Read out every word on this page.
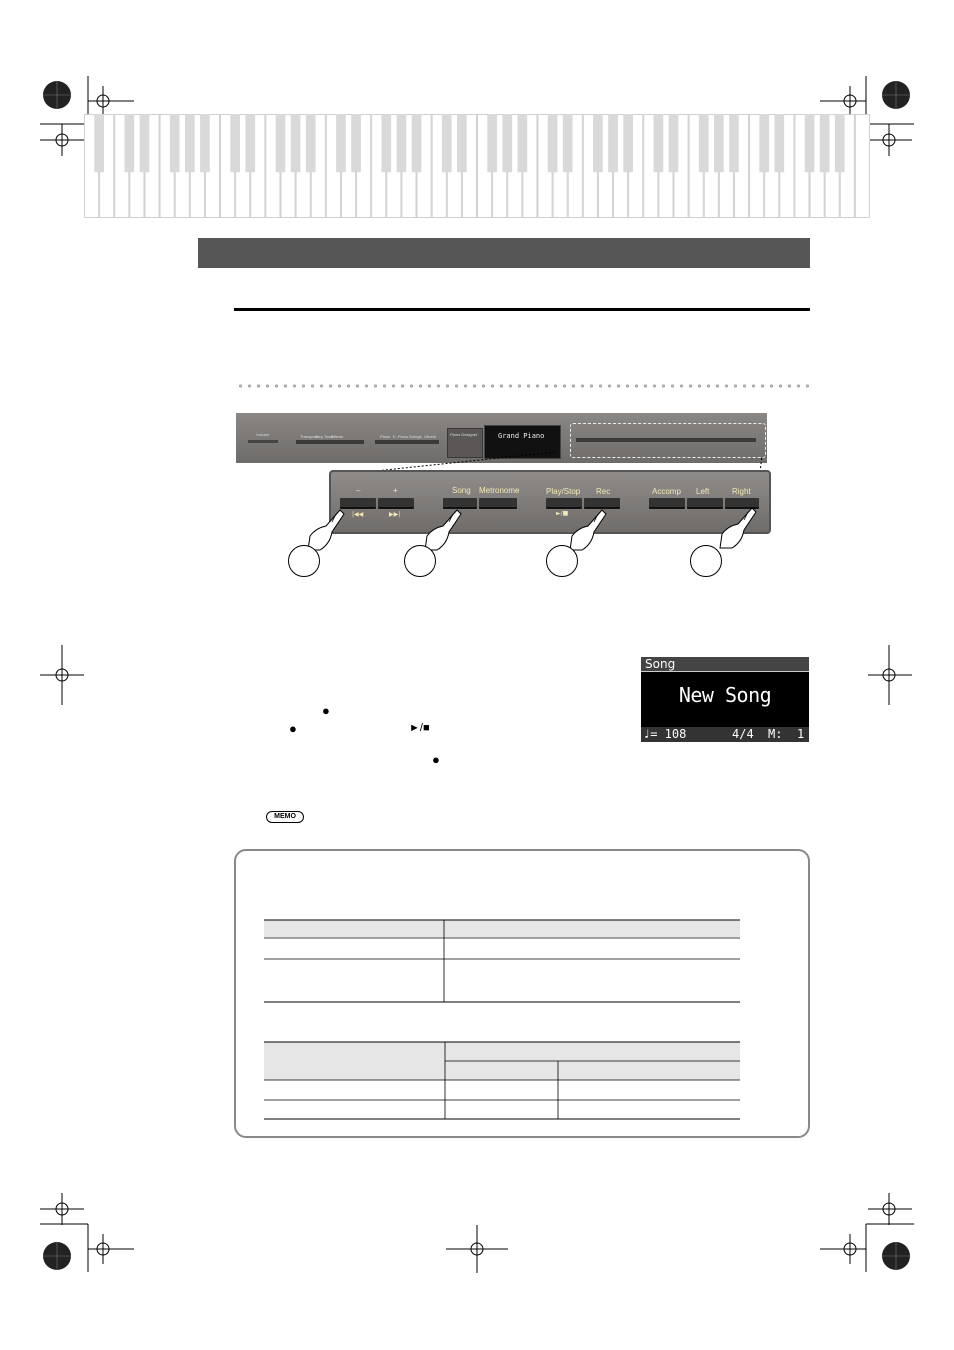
Volume	Transpose
Key Touch
Effects	Piano E. Piano Strings Others	Piano Designer	Grand Piano
–	+
|◀◀	▶▶|
Song Metronome	Play/Stop Rec
►/■
Accomp Left	Right
Song
New Song
♩= 108	4/4 M: 1
●
●	►/■
●
MEMO
